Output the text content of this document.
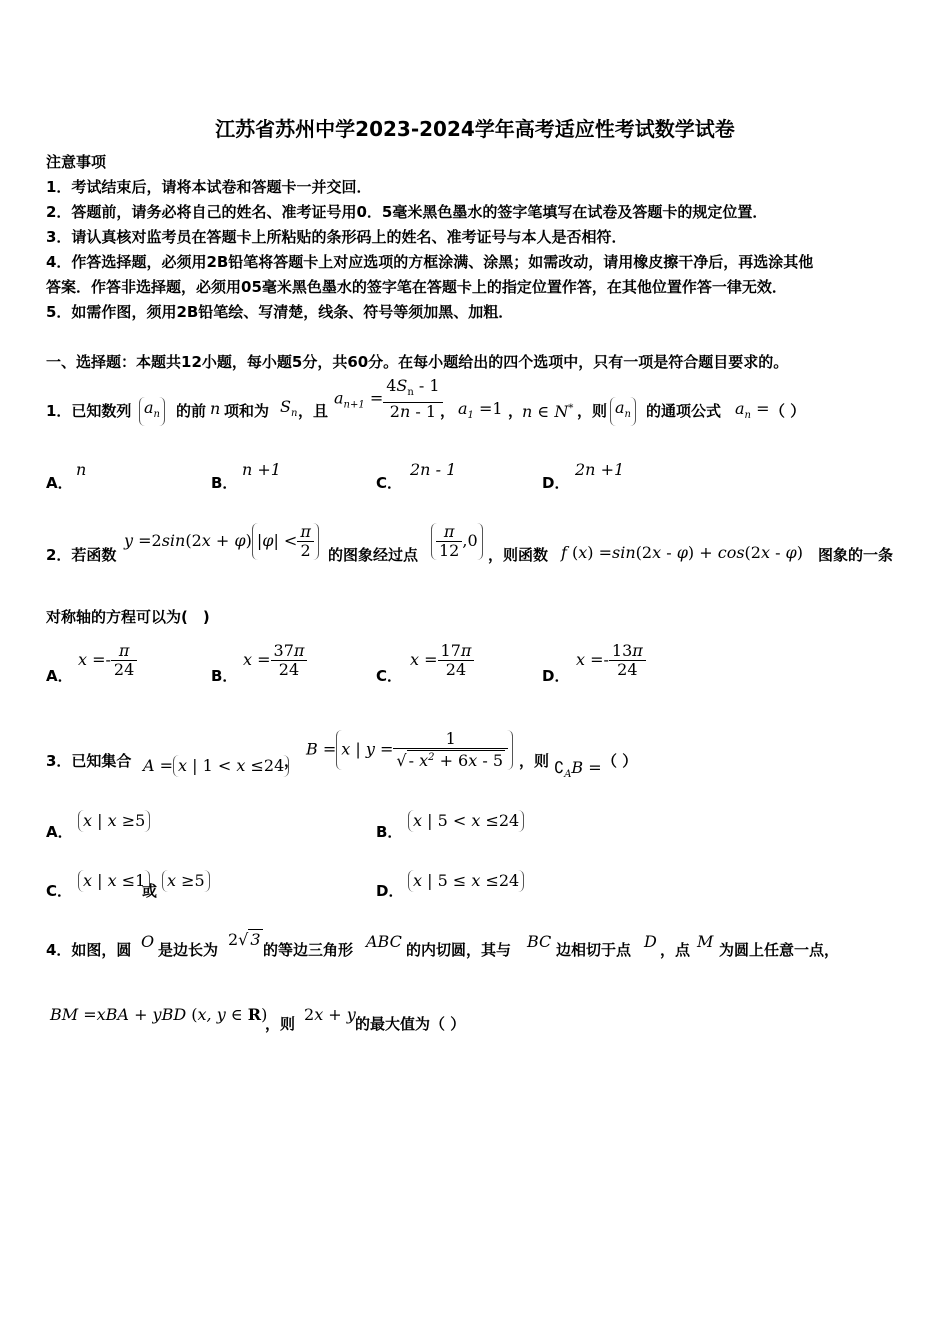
江苏省苏州中学2023-2024学年高考适应性考试数学试卷
注意事项
1．考试结束后，请将本试卷和答题卡一并交回．
2．答题前，请务必将自己的姓名、准考证号用0．5毫米黑色墨水的签字笔填写在试卷及答题卡的规定位置．
3．请认真核对监考员在答题卡上所粘贴的条形码上的姓名、准考证号与本人是否相符．
4．作答选择题，必须用2B铅笔将答题卡上对应选项的方框涂满、涂黑；如需改动，请用橡皮擦干净后，再选涂其他
答案．作答非选择题，必须用05毫米黑色墨水的签字笔在答题卡上的指定位置作答，在其他位置作答一律无效．
5．如需作图，须用2B铅笔绘、写清楚，线条、符号等须加黑、加粗．
一、选择题：本题共12小题，每小题5分，共60分。在每小题给出的四个选项中，只有一项是符合题目要求的。
1．已知数列 $a_n$	的前 n 项和为 $S_n$ ，且
$a_{n+1} = \frac{4S_n - 1}{2n - 1}$
， $a_1 =1$ ，
n ∈ N* ，则 $a_n$	的通项公式 $a_n$ = （ ）
A．
n
B．
n +1
C．
2n - 1
D．
2n +1
2．若函数
y =2sin(2x + φ) $|\varphi| < \frac{\pi}{2}$ 的图象经过点 $\frac{\pi}{12} ,0$
，则函数 f (x) =sin(2x - φ) + cos(2x - φ) 图象的一条
对称轴的方程可以为(　)
A．
$x =- \frac{\pi}{24}$	B．
$x = \frac{37\pi}{24}$	C．
$x = \frac{17\pi}{24}$	D．
$x =- \frac{13\pi}{24}$
3．已知集合 A = x | 1 < x ≤24 ，
B = x | $y = \frac{1}{√ - x^2 + 6x - 5}$ ，则 $∁_AB$ = （ ）
A．
x | x ≥5
B．
x | 5 < x ≤24
C．
x | x ≤1
或
x ≥5
D．
x | 5 ≤ x ≤24
4．如图，圆 O 是边长为
2√ 3
的等边三角形 ABC 的内切圆，其与 BC 边相切于点 D ，点 M 为圆上任意一点，
BM =xBA + yBD (x, y ∈ R)
，则 2x + y 的最大值为（ ）
